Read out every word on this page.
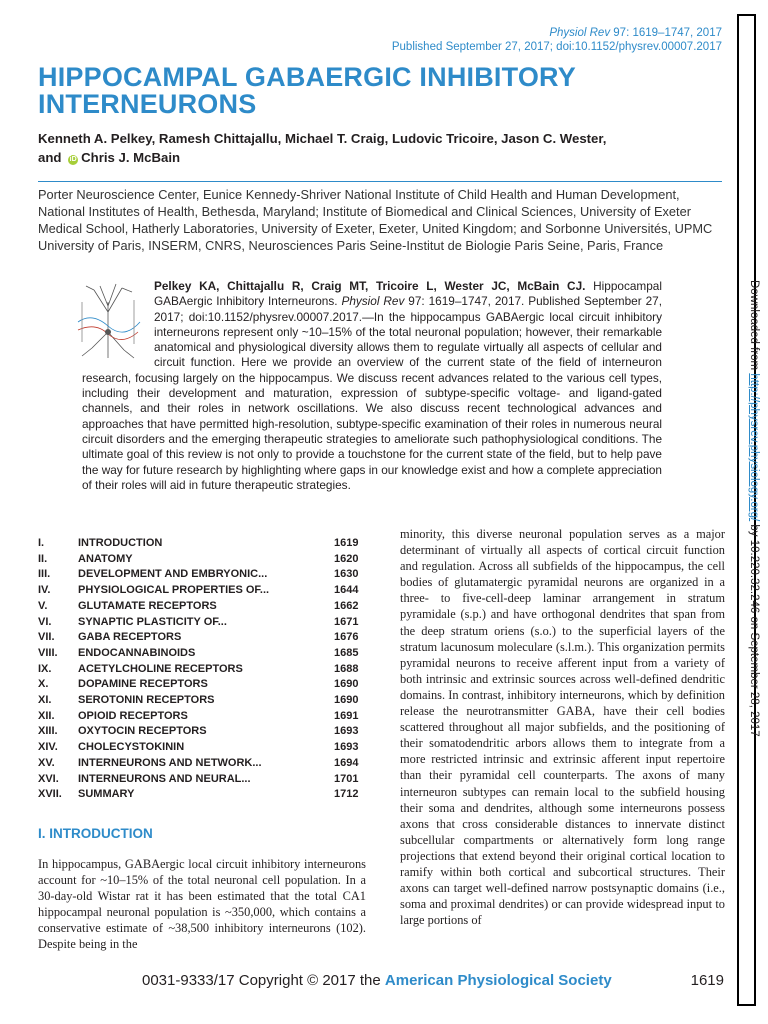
Physiol Rev 97: 1619–1747, 2017
Published September 27, 2017; doi:10.1152/physrev.00007.2017
Downloaded from http://physrev.physiology.org/ by 10.220.32.246 on September 28, 2017
HIPPOCAMPAL GABAERGIC INHIBITORY
INTERNEURONS
Kenneth A. Pelkey, Ramesh Chittajallu, Michael T. Craig, Ludovic Tricoire, Jason C. Wester,
and iD Chris J. McBain
Porter Neuroscience Center, Eunice Kennedy-Shriver National Institute of Child Health and Human Development, National Institutes of Health, Bethesda, Maryland; Institute of Biomedical and Clinical Sciences, University of Exeter Medical School, Hatherly Laboratories, University of Exeter, Exeter, United Kingdom; and Sorbonne Universités, UPMC University of Paris, INSERM, CNRS, Neurosciences Paris Seine-Institut de Biologie Paris Seine, Paris, France
Pelkey KA, Chittajallu R, Craig MT, Tricoire L, Wester JC, McBain CJ. Hippocampal GABAergic Inhibitory Interneurons. Physiol Rev 97: 1619–1747, 2017. Published September 27, 2017; doi:10.1152/physrev.00007.2017.—In the hippocampus GABAergic local circuit inhibitory interneurons represent only ~10–15% of the total neuronal population; however, their remarkable anatomical and physiological diversity allows them to regulate virtually all aspects of cellular and circuit function. Here we provide an overview of the current state of the field of interneuron research, focusing largely on the hippocampus. We discuss recent advances related to the various cell types, including their development and maturation, expression of subtype-specific voltage- and ligand-gated channels, and their roles in network oscillations. We also discuss recent technological advances and approaches that have permitted high-resolution, subtype-specific examination of their roles in numerous neural circuit disorders and the emerging therapeutic strategies to ameliorate such pathophysiological conditions. The ultimate goal of this review is not only to provide a touchstone for the current state of the field, but to help pave the way for future research by highlighting where gaps in our knowledge exist and how a complete appreciation of their roles will aid in future therapeutic strategies.
I.	INTRODUCTION	1619
II.	ANATOMY	1620
III.	DEVELOPMENT AND EMBRYONIC...	1630
IV.	PHYSIOLOGICAL PROPERTIES OF...	1644
V.	GLUTAMATE RECEPTORS	1662
VI.	SYNAPTIC PLASTICITY OF...	1671
VII.	GABA RECEPTORS	1676
VIII.	ENDOCANNABINOIDS	1685
IX.	ACETYLCHOLINE RECEPTORS	1688
X.	DOPAMINE RECEPTORS	1690
XI.	SEROTONIN RECEPTORS	1690
XII.	OPIOID RECEPTORS	1691
XIII.	OXYTOCIN RECEPTORS	1693
XIV.	CHOLECYSTOKININ	1693
XV.	INTERNEURONS AND NETWORK...	1694
XVI.	INTERNEURONS AND NEURAL...	1701
XVII.	SUMMARY	1712
I. INTRODUCTION
In hippocampus, GABAergic local circuit inhibitory interneurons account for ~10–15% of the total neuronal cell population. In a 30-day-old Wistar rat it has been estimated that the total CA1 hippocampal neuronal population is ~350,000, which contains a conservative estimate of ~38,500 inhibitory interneurons (102). Despite being in the
minority, this diverse neuronal population serves as a major determinant of virtually all aspects of cortical circuit function and regulation. Across all subfields of the hippocampus, the cell bodies of glutamatergic pyramidal neurons are organized in a three- to five-cell-deep laminar arrangement in stratum pyramidale (s.p.) and have orthogonal dendrites that span from the deep stratum oriens (s.o.) to the superficial layers of the stratum lacunosum moleculare (s.l.m.). This organization permits pyramidal neurons to receive afferent input from a variety of both intrinsic and extrinsic sources across well-defined dendritic domains. In contrast, inhibitory interneurons, which by definition release the neurotransmitter GABA, have their cell bodies scattered throughout all major subfields, and the positioning of their somatodendritic arbors allows them to integrate from a more restricted intrinsic and extrinsic afferent input repertoire than their pyramidal cell counterparts. The axons of many interneuron subtypes can remain local to the subfield housing their soma and dendrites, although some interneurons possess axons that cross considerable distances to innervate distinct subcellular compartments or alternatively form long range projections that extend beyond their original cortical location to ramify within both cortical and subcortical structures. Their axons can target well-defined narrow postsynaptic domains (i.e., soma and proximal dendrites) or can provide widespread input to large portions of
0031-9333/17 Copyright © 2017 the American Physiological Society	1619
